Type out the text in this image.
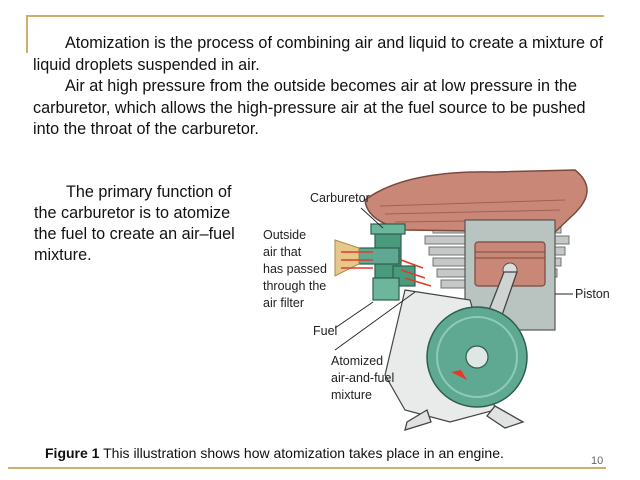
Atomization is the process of combining air and liquid to create a mixture of liquid droplets suspended in air.

Air at high pressure from the outside becomes air at low pressure in the carburetor, which allows the high-pressure air at the fuel source to be pushed into the throat of the carburetor.

The primary function of the carburetor is to atomize the fuel to create an air–fuel mixture.

Carburetor
Outside
air that
has passed
through the
air filter
Fuel
Atomized
air-and-fuel
mixture
Piston
Figure 1 This illustration shows how atomization takes place in an engine.	10
